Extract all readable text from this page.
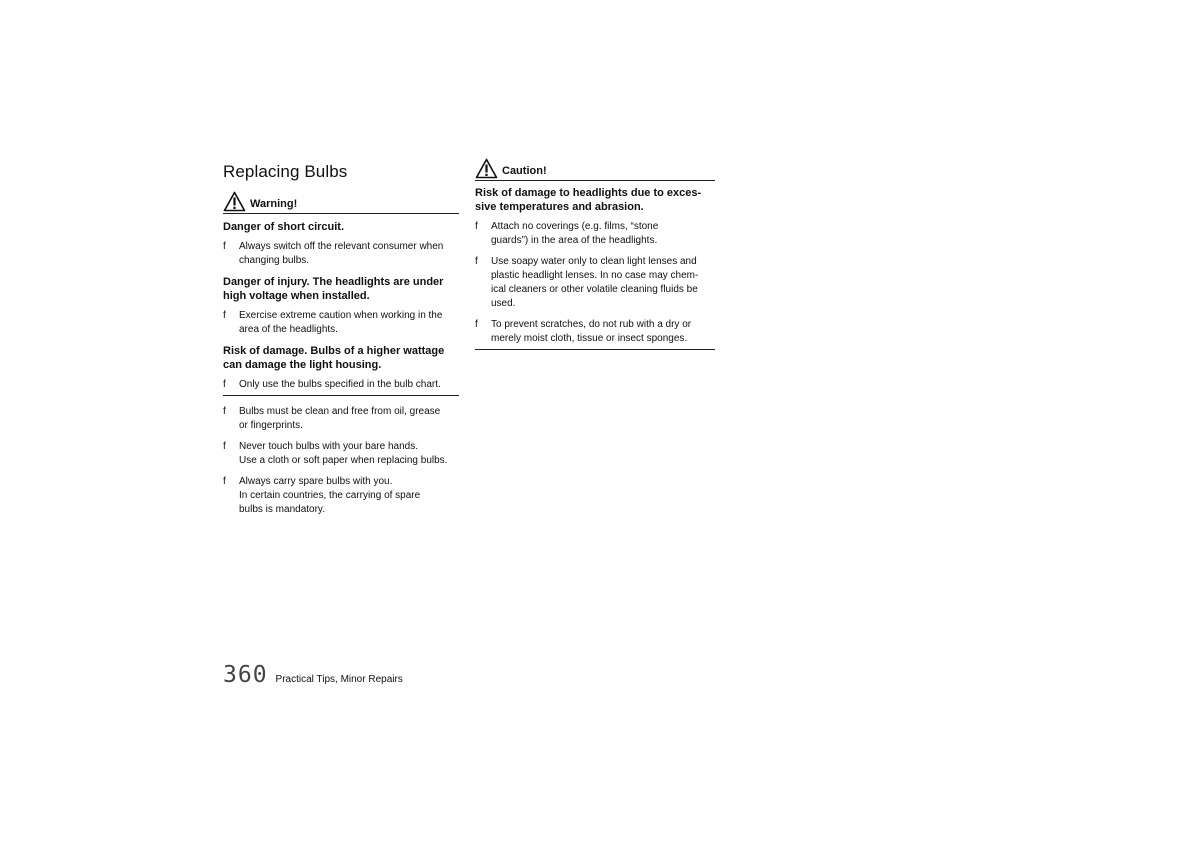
Replacing Bulbs
Warning!
Danger of short circuit.
f	Always switch off the relevant consumer when
changing bulbs.
Danger of injury. The headlights are under
high voltage when installed.
f	Exercise extreme caution when working in the
area of the headlights.
Risk of damage. Bulbs of a higher wattage
can damage the light housing.
f	Only use the bulbs specified in the bulb chart.
f	Bulbs must be clean and free from oil, grease
or fingerprints.
f	Never touch bulbs with your bare hands.
Use a cloth or soft paper when replacing bulbs.
f	Always carry spare bulbs with you.
In certain countries, the carrying of spare
bulbs is mandatory.
Caution!
Risk of damage to headlights due to exces-
sive temperatures and abrasion.
f	Attach no coverings (e.g. films, “stone
guards”) in the area of the headlights.
f	Use soapy water only to clean light lenses and
plastic headlight lenses. In no case may chem-
ical cleaners or other volatile cleaning fluids be
used.
f	To prevent scratches, do not rub with a dry or
merely moist cloth, tissue or insect sponges.
360 Practical Tips, Minor Repairs
